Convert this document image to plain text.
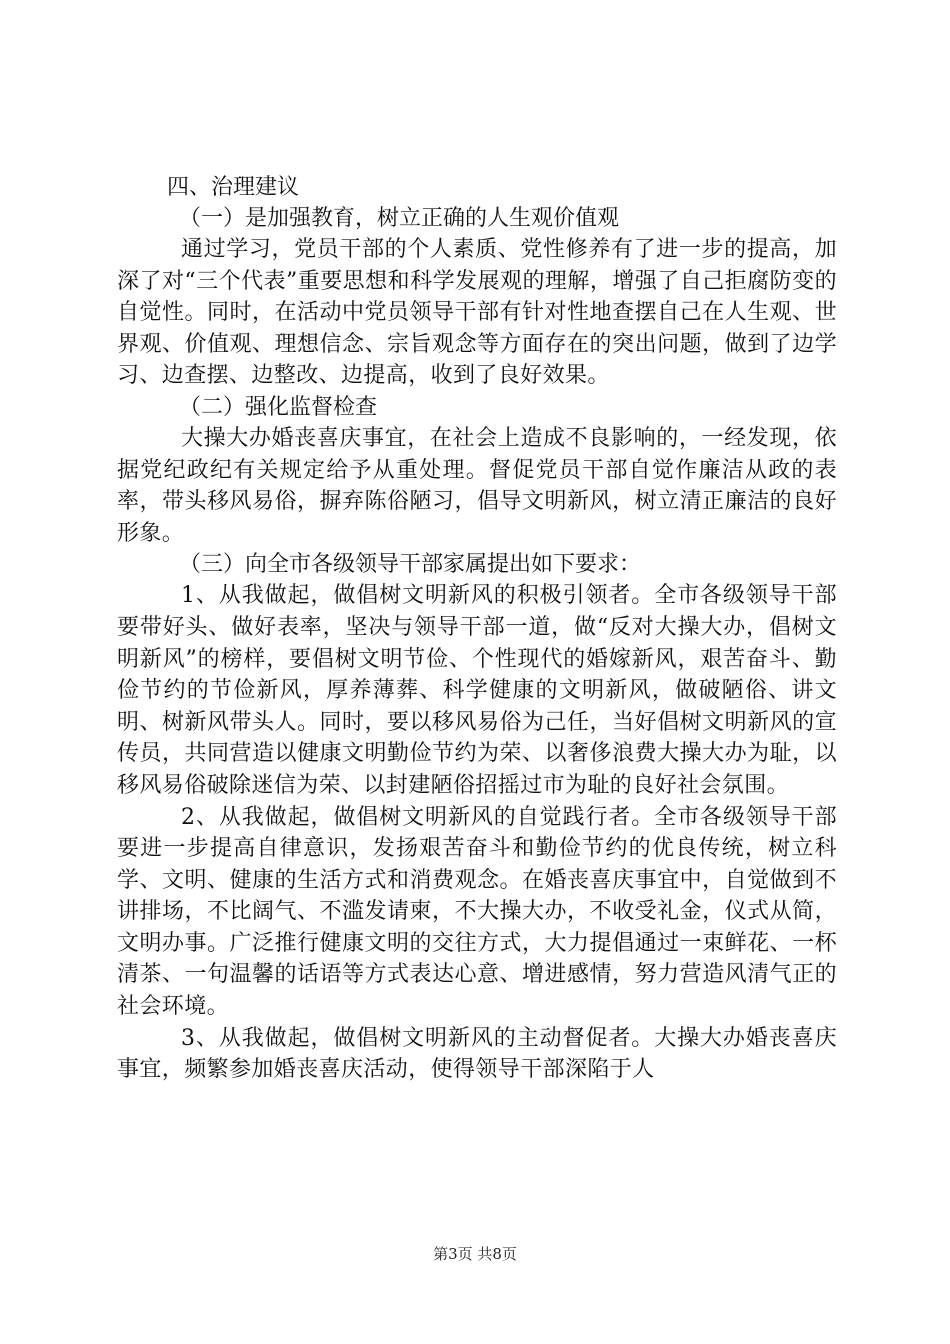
四、治理建议
（一）是加强教育，树立正确的人生观价值观

通过学习，党员干部的个人素质、党性修养有了进一步的提高，加深了对“三个代表”重要思想和科学发展观的理解，增强了自己拒腐防变的自觉性。同时，在活动中党员领导干部有针对性地查摆自己在人生观、世界观、价值观、理想信念、宗旨观念等方面存在的突出问题，做到了边学习、边查摆、边整改、边提高，收到了良好效果。

（二）强化监督检查

大操大办婚丧喜庆事宜，在社会上造成不良影响的，一经发现，依据党纪政纪有关规定给予从重处理。督促党员干部自觉作廉洁从政的表率，带头移风易俗，摒弃陈俗陋习，倡导文明新风，树立清正廉洁的良好形象。

（三）向全市各级领导干部家属提出如下要求：

1、从我做起，做倡树文明新风的积极引领者。全市各级领导干部要带好头、做好表率，坚决与领导干部一道，做“反对大操大办，倡树文明新风”的榜样，要倡树文明节俭、个性现代的婚嫁新风，艰苦奋斗、勤俭节约的节俭新风，厚养薄葬、科学健康的文明新风，做破陋俗、讲文明、树新风带头人。同时，要以移风易俗为己任，当好倡树文明新风的宣传员，共同营造以健康文明勤俭节约为荣、以奢侈浪费大操大办为耻，以移风易俗破除迷信为荣、以封建陋俗招摇过市为耻的良好社会氛围。

2、从我做起，做倡树文明新风的自觉践行者。全市各级领导干部要进一步提高自律意识，发扬艰苦奋斗和勤俭节约的优良传统，树立科学、文明、健康的生活方式和消费观念。在婚丧喜庆事宜中，自觉做到不讲排场，不比阔气、不滥发请柬，不大操大办，不收受礼金，仪式从简，文明办事。广泛推行健康文明的交往方式，大力提倡通过一束鲜花、一杯清茶、一句温馨的话语等方式表达心意、增进感情，努力营造风清气正的社会环境。

3、从我做起，做倡树文明新风的主动督促者。大操大办婚丧喜庆事宜，频繁参加婚丧喜庆活动，使得领导干部深陷于人

第3页 共8页
